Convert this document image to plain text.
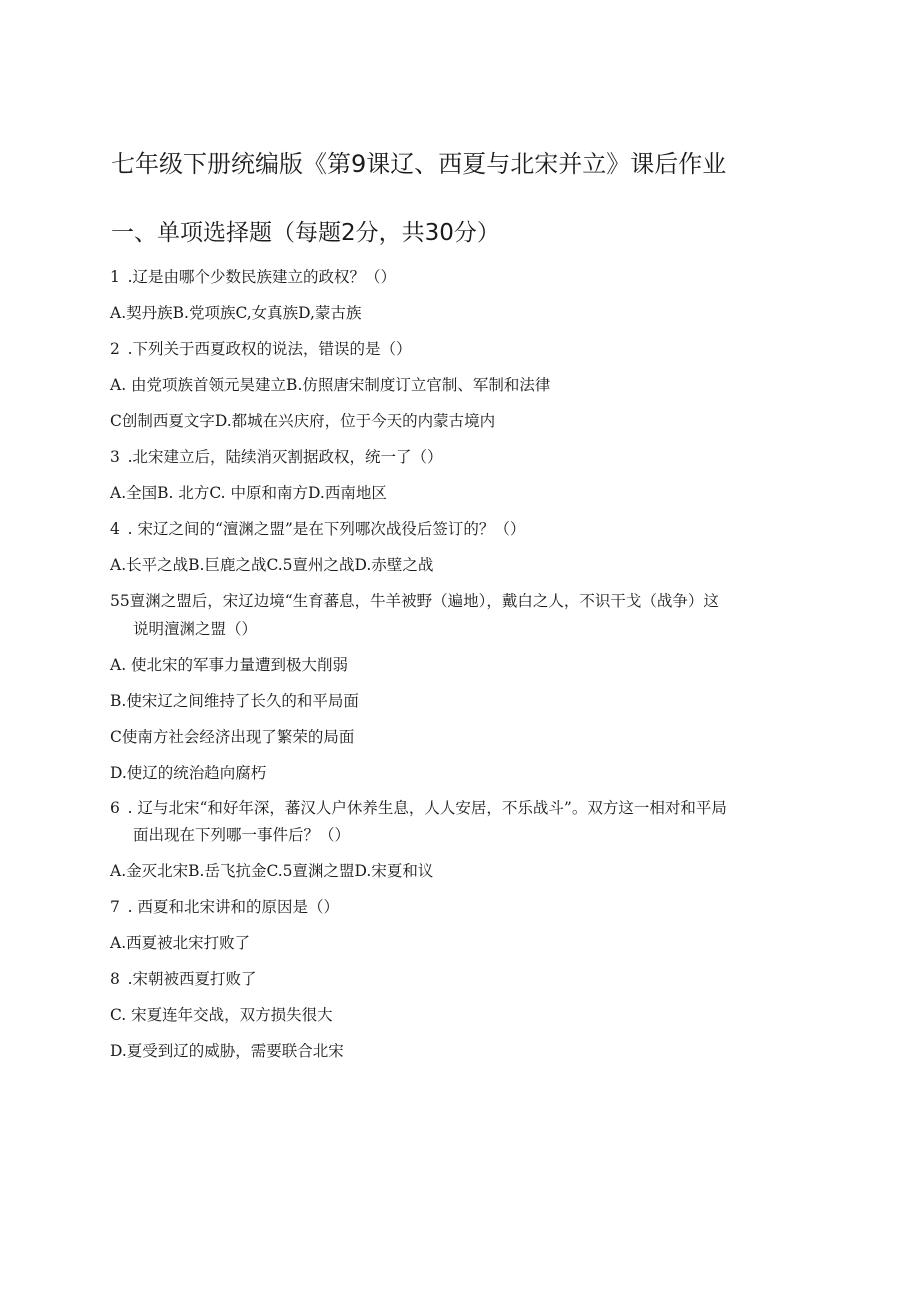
七年级下册统编版《第9课辽、西夏与北宋并立》课后作业
一、单项选择题（每题2分，共30分）

1 .辽是由哪个少数民族建立的政权？（）

A.契丹族B.党项族C,女真族D,蒙古族

2 .下列关于西夏政权的说法，错误的是（）

A. 由党项族首领元昊建立B.仿照唐宋制度订立官制、军制和法律

C创制西夏文字D.都城在兴庆府，位于今天的内蒙古境内

3 .北宋建立后，陆续消灭割据政权，统一了（）

A.全国B. 北方C. 中原和南方D.西南地区

4 . 宋辽之间的“澶渊之盟”是在下列哪次战役后签订的？（）

A.长平之战B.巨鹿之战C.5亶州之战D.赤壁之战

55亶渊之盟后，宋辽边境“生育蕃息，牛羊被野（遍地），戴白之人，不识干戈（战争）这

说明澶渊之盟（）

A. 使北宋的军事力量遭到极大削弱

B.使宋辽之间维持了长久的和平局面

C使南方社会经济出现了繁荣的局面

D.使辽的统治趋向腐朽

6 . 辽与北宋“和好年深，蕃汉人户休养生息，人人安居，不乐战斗”。双方这一相对和平局

面出现在下列哪一事件后？（）

A.金灭北宋B.岳飞抗金C.5亶渊之盟D.宋夏和议

7 . 西夏和北宋讲和的原因是（）

A.西夏被北宋打败了

8 .宋朝被西夏打败了

C. 宋夏连年交战，双方损失很大

D.夏受到辽的威胁，需要联合北宋
